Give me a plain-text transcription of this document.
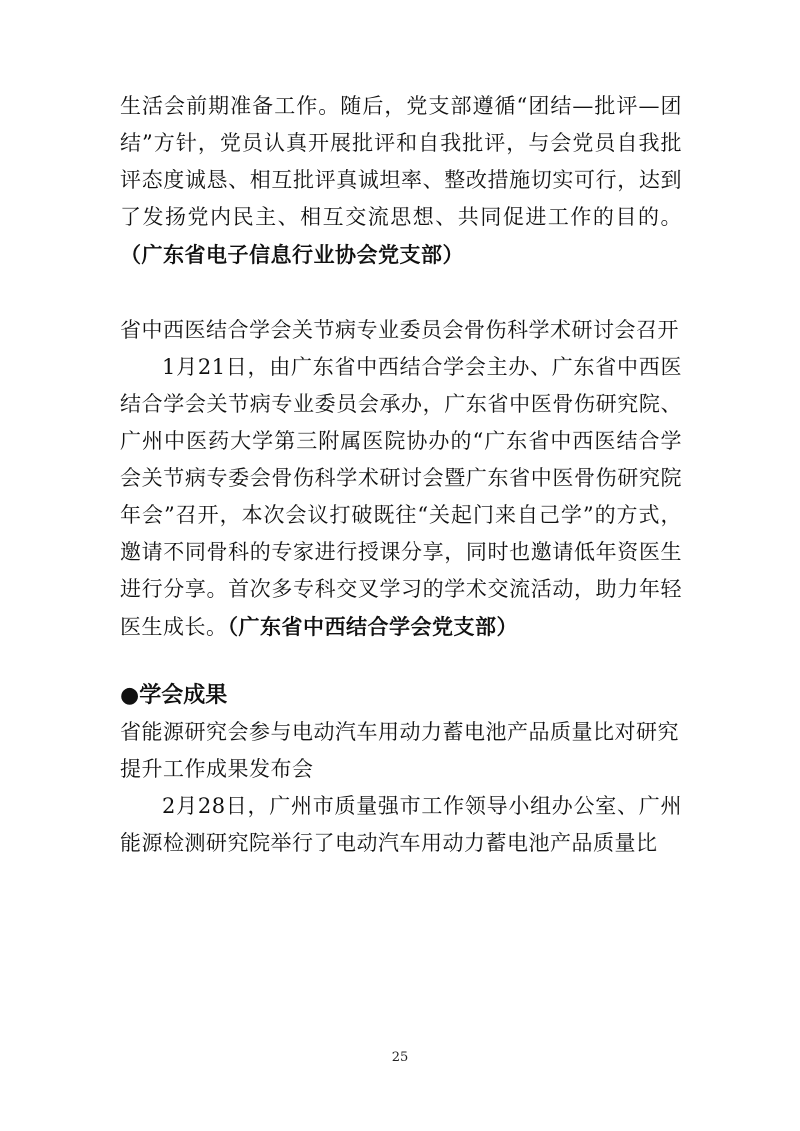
生活会前期准备工作。随后，党支部遵循“团结—批评—团结”方针，党员认真开展批评和自我批评，与会党员自我批评态度诚恳、相互批评真诚坦率、整改措施切实可行，达到了发扬党内民主、相互交流思想、共同促进工作的目的。（广东省电子信息行业协会党支部）

省中西医结合学会关节病专业委员会骨伤科学术研讨会召开

1月21日，由广东省中西结合学会主办、广东省中西医结合学会关节病专业委员会承办，广东省中医骨伤研究院、广州中医药大学第三附属医院协办的“广东省中西医结合学会关节病专委会骨伤科学术研讨会暨广东省中医骨伤研究院年会”召开，本次会议打破既往“关起门来自己学”的方式，邀请不同骨科的专家进行授课分享，同时也邀请低年资医生进行分享。首次多专科交叉学习的学术交流活动，助力年轻医生成长。（广东省中西结合学会党支部）

●学会成果

省能源研究会参与电动汽车用动力蓄电池产品质量比对研究提升工作成果发布会

2月28日，广州市质量强市工作领导小组办公室、广州能源检测研究院举行了电动汽车用动力蓄电池产品质量比

25
